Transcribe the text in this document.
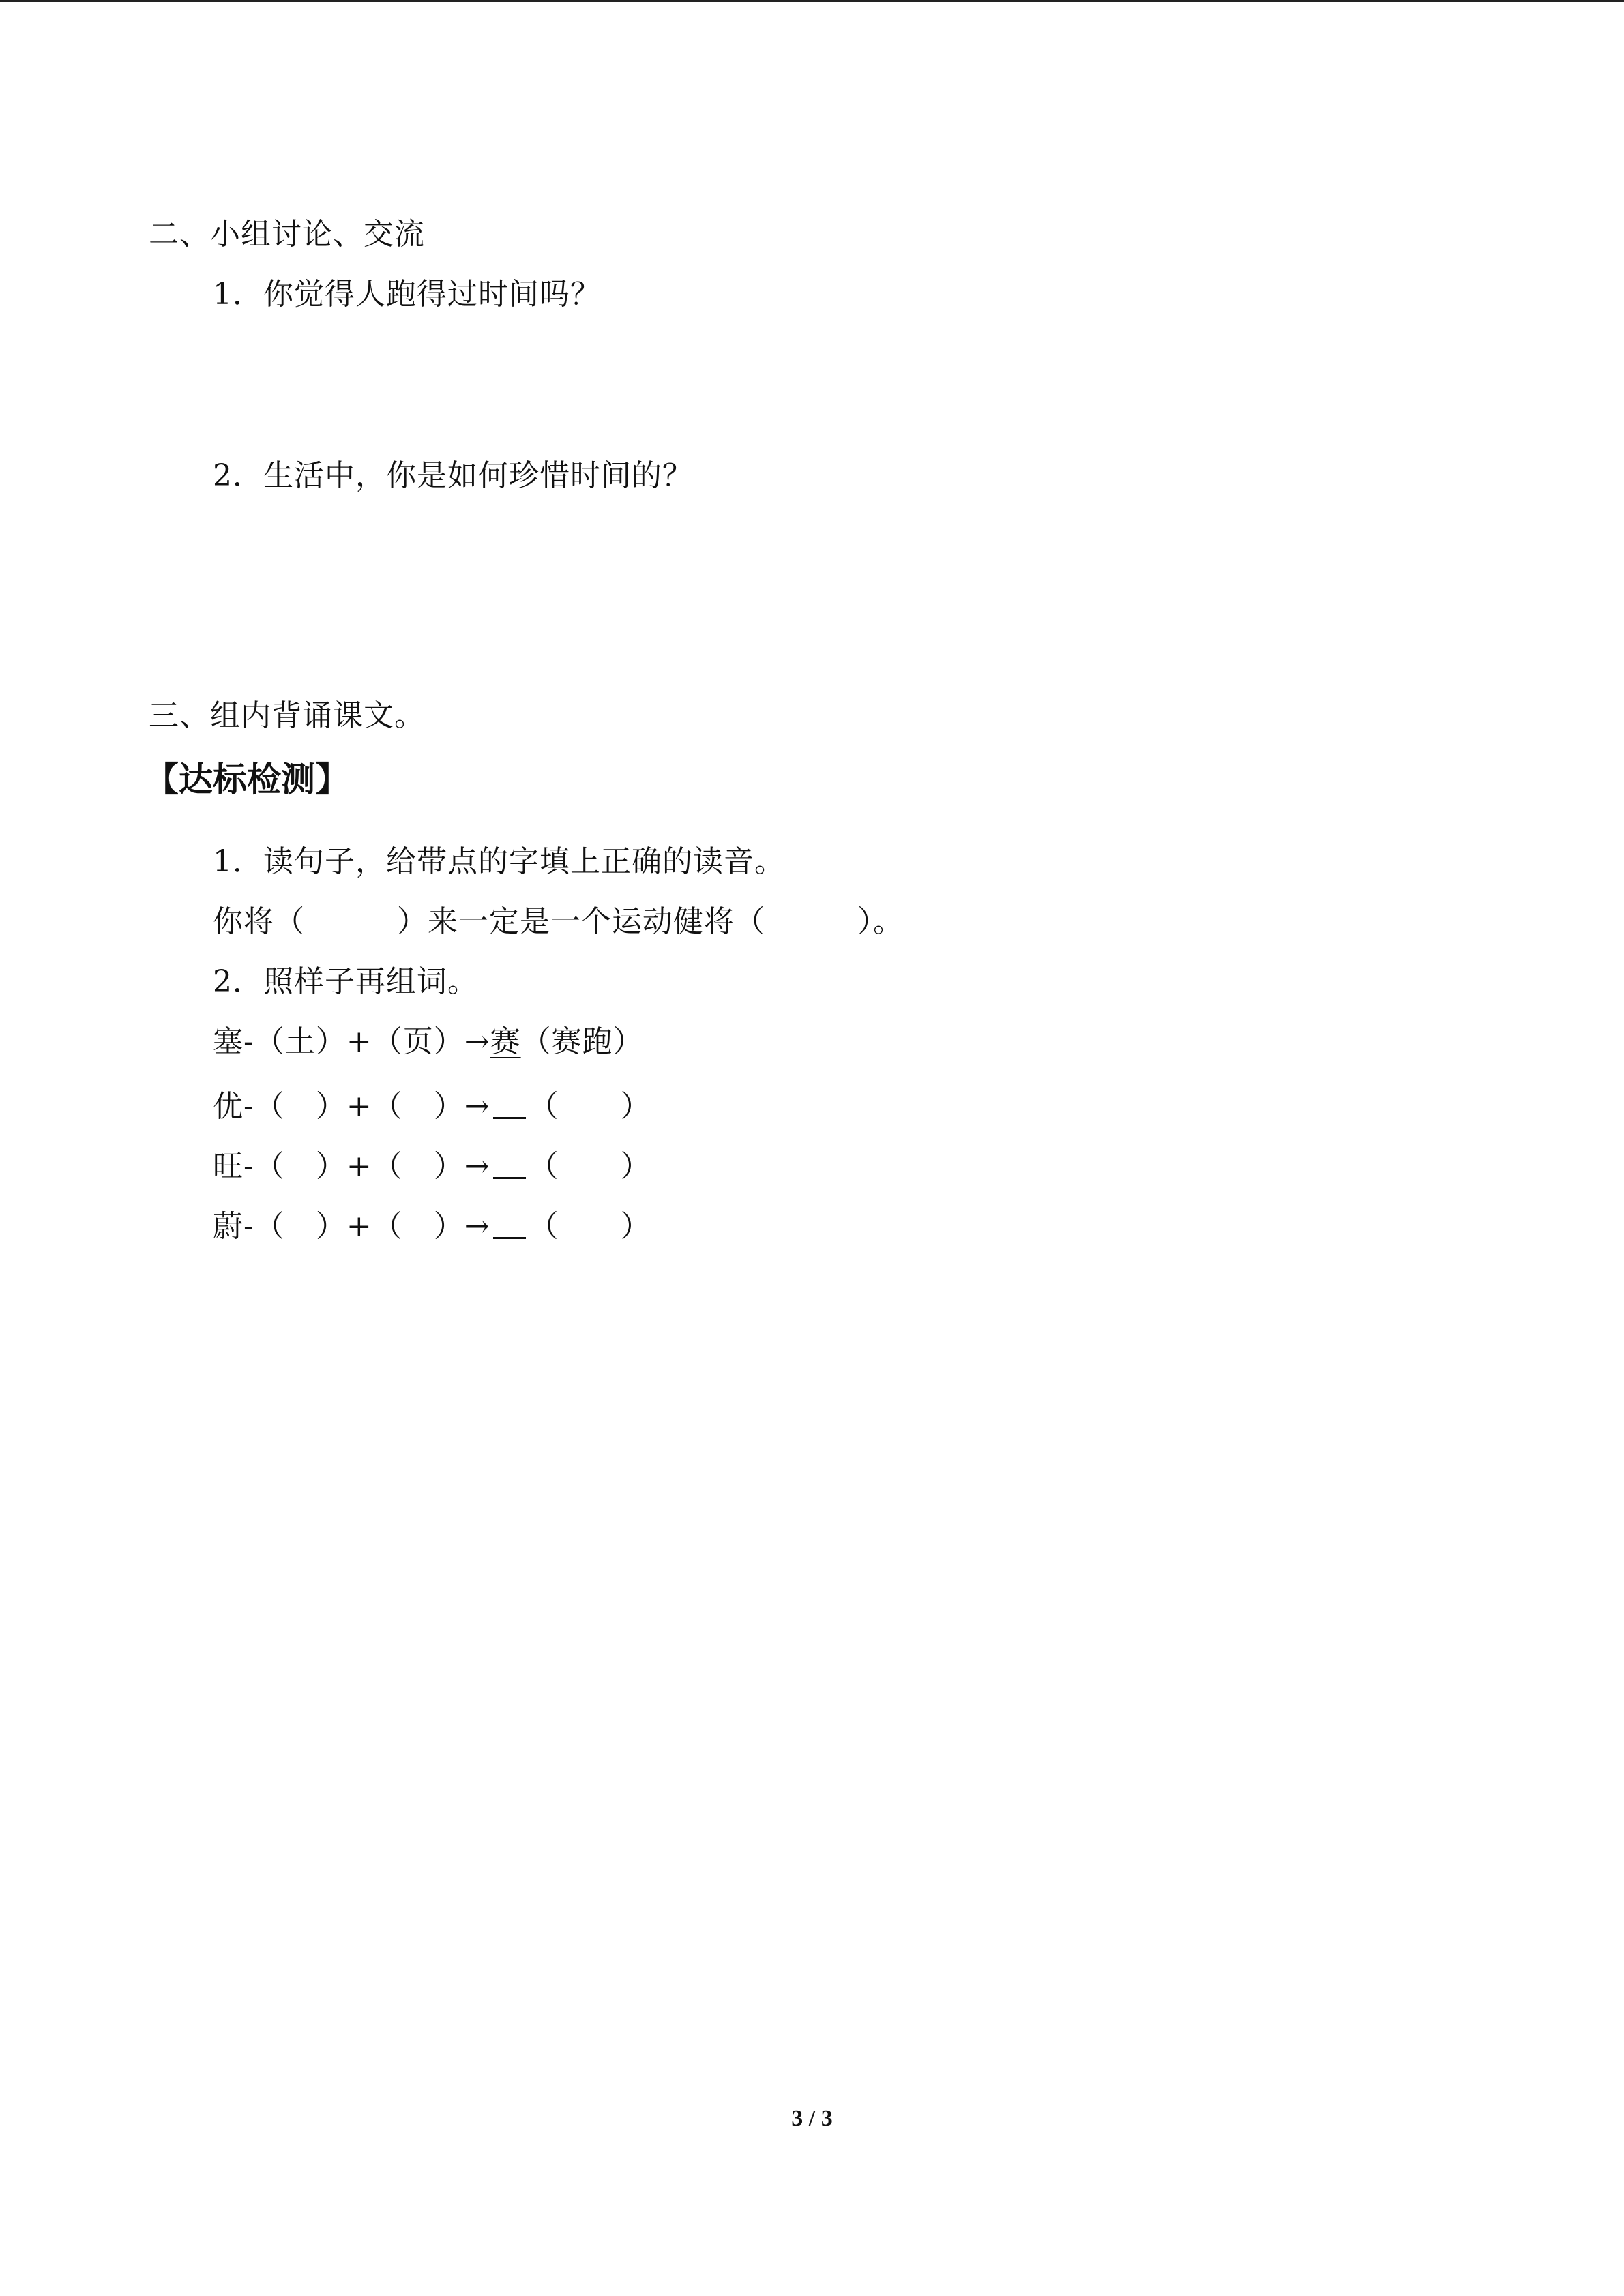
二、小组讨论、交流
1．你觉得人跑得过时间吗？
2．生活中，你是如何珍惜时间的？
三、组内背诵课文。
【达标检测】
1．读句子，给带点的字填上正确的读音。
你将（　　　）来一定是一个运动健将（　　　）。
2．照样子再组词。
塞-（土）+（页）→赛（赛跑）
优-（　）+（　）→ （　　）
旺-（　）+（　）→ （　　）
蔚-（　）+（　）→ （　　）
3 / 3
